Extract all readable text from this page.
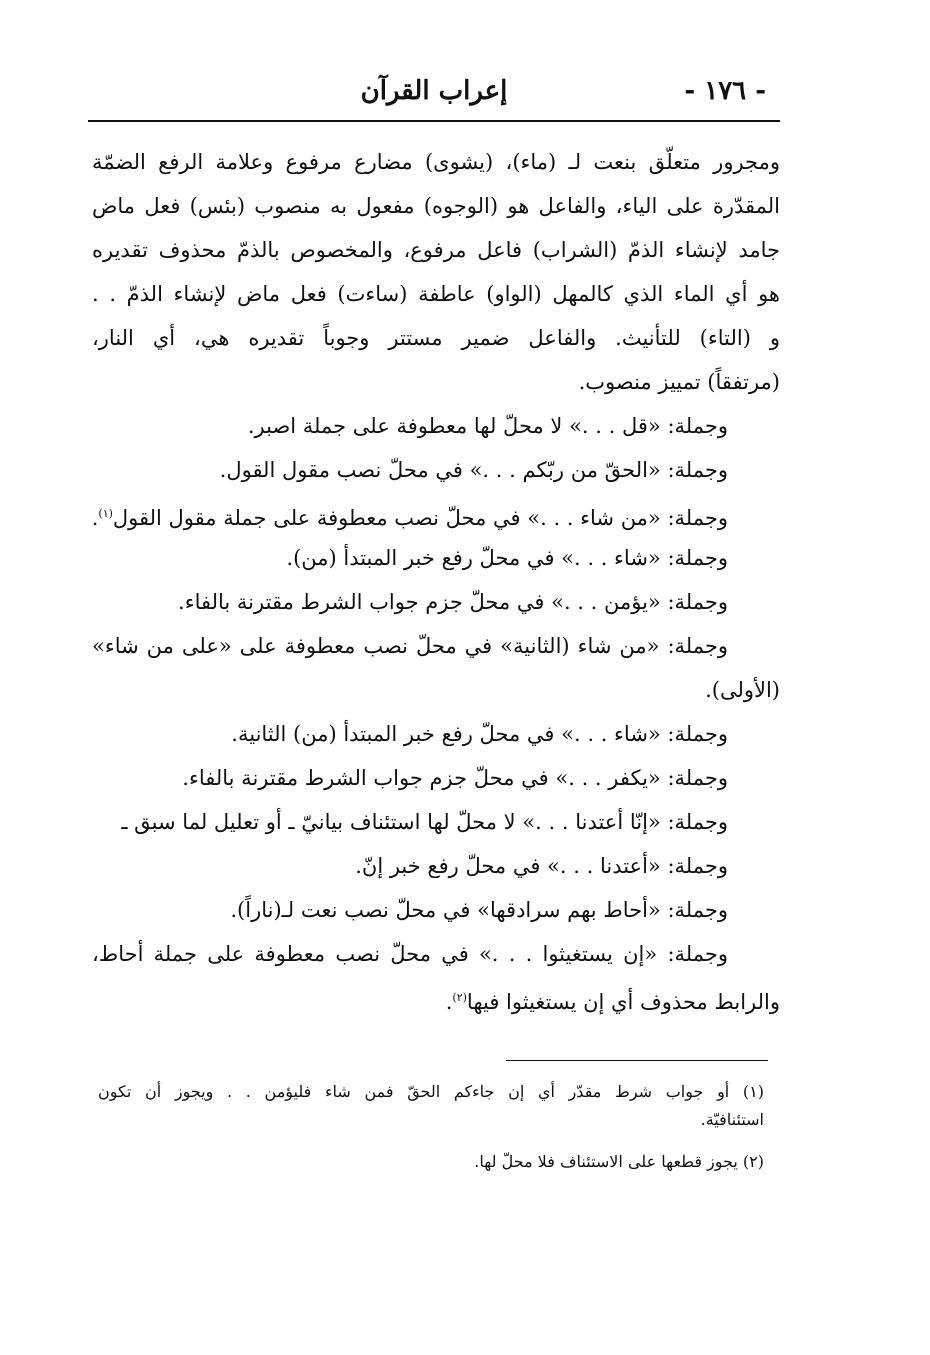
- ١٧٦ -
إعراب القرآن
ومجرور متعلّق بنعت لـ (ماء)، (يشوى) مضارع مرفوع وعلامة الرفع الضمّة
المقدّرة على الياء، والفاعل هو (الوجوه) مفعول به منصوب (بئس) فعل ماض
جامد لإنشاء الذمّ (الشراب) فاعل مرفوع، والمخصوص بالذمّ محذوف تقديره
هو أي الماء الذي كالمهل (الواو) عاطفة (ساءت) فعل ماض لإنشاء الذمّ . .
و (التاء) للتأنيث. والفاعل ضمير مستتر وجوباً تقديره هي، أي النار،
(مرتفقاً) تمييز منصوب.
وجملة: «قل . . .» لا محلّ لها معطوفة على جملة اصبر.
وجملة: «الحقّ من ربّكم . . .» في محلّ نصب مقول القول.
وجملة: «من شاء . . .» في محلّ نصب معطوفة على جملة مقول القول$^{(١)}$.
وجملة: «شاء . . .» في محلّ رفع خبر المبتدأ (من).
وجملة: «يؤمن . . .» في محلّ جزم جواب الشرط مقترنة بالفاء.
وجملة: «من شاء (الثانية» في محلّ نصب معطوفة على «على من شاء»
(الأولى).
وجملة: «شاء . . .» في محلّ رفع خبر المبتدأ (من) الثانية.
وجملة: «يكفر . . .» في محلّ جزم جواب الشرط مقترنة بالفاء.
وجملة: «إنّا أعتدنا . . .» لا محلّ لها استئناف بيانيّ ـ أو تعليل لما سبق ـ
وجملة: «أعتدنا . . .» في محلّ رفع خبر إنّ.
وجملة: «أحاط بهم سرادقها» في محلّ نصب نعت لـ(ناراً).
وجملة: «إن يستغيثوا . . .» في محلّ نصب معطوفة على جملة أحاط،
والرابط محذوف أي إن يستغيثوا فيها$^{(٢)}$.
(١) أو جواب شرط مقدّر أي إن جاءكم الحقّ فمن شاء فليؤمن . . ويجوز أن تكون
استئنافيّة.
(٢) يجوز قطعها على الاستئناف فلا محلّ لها.
